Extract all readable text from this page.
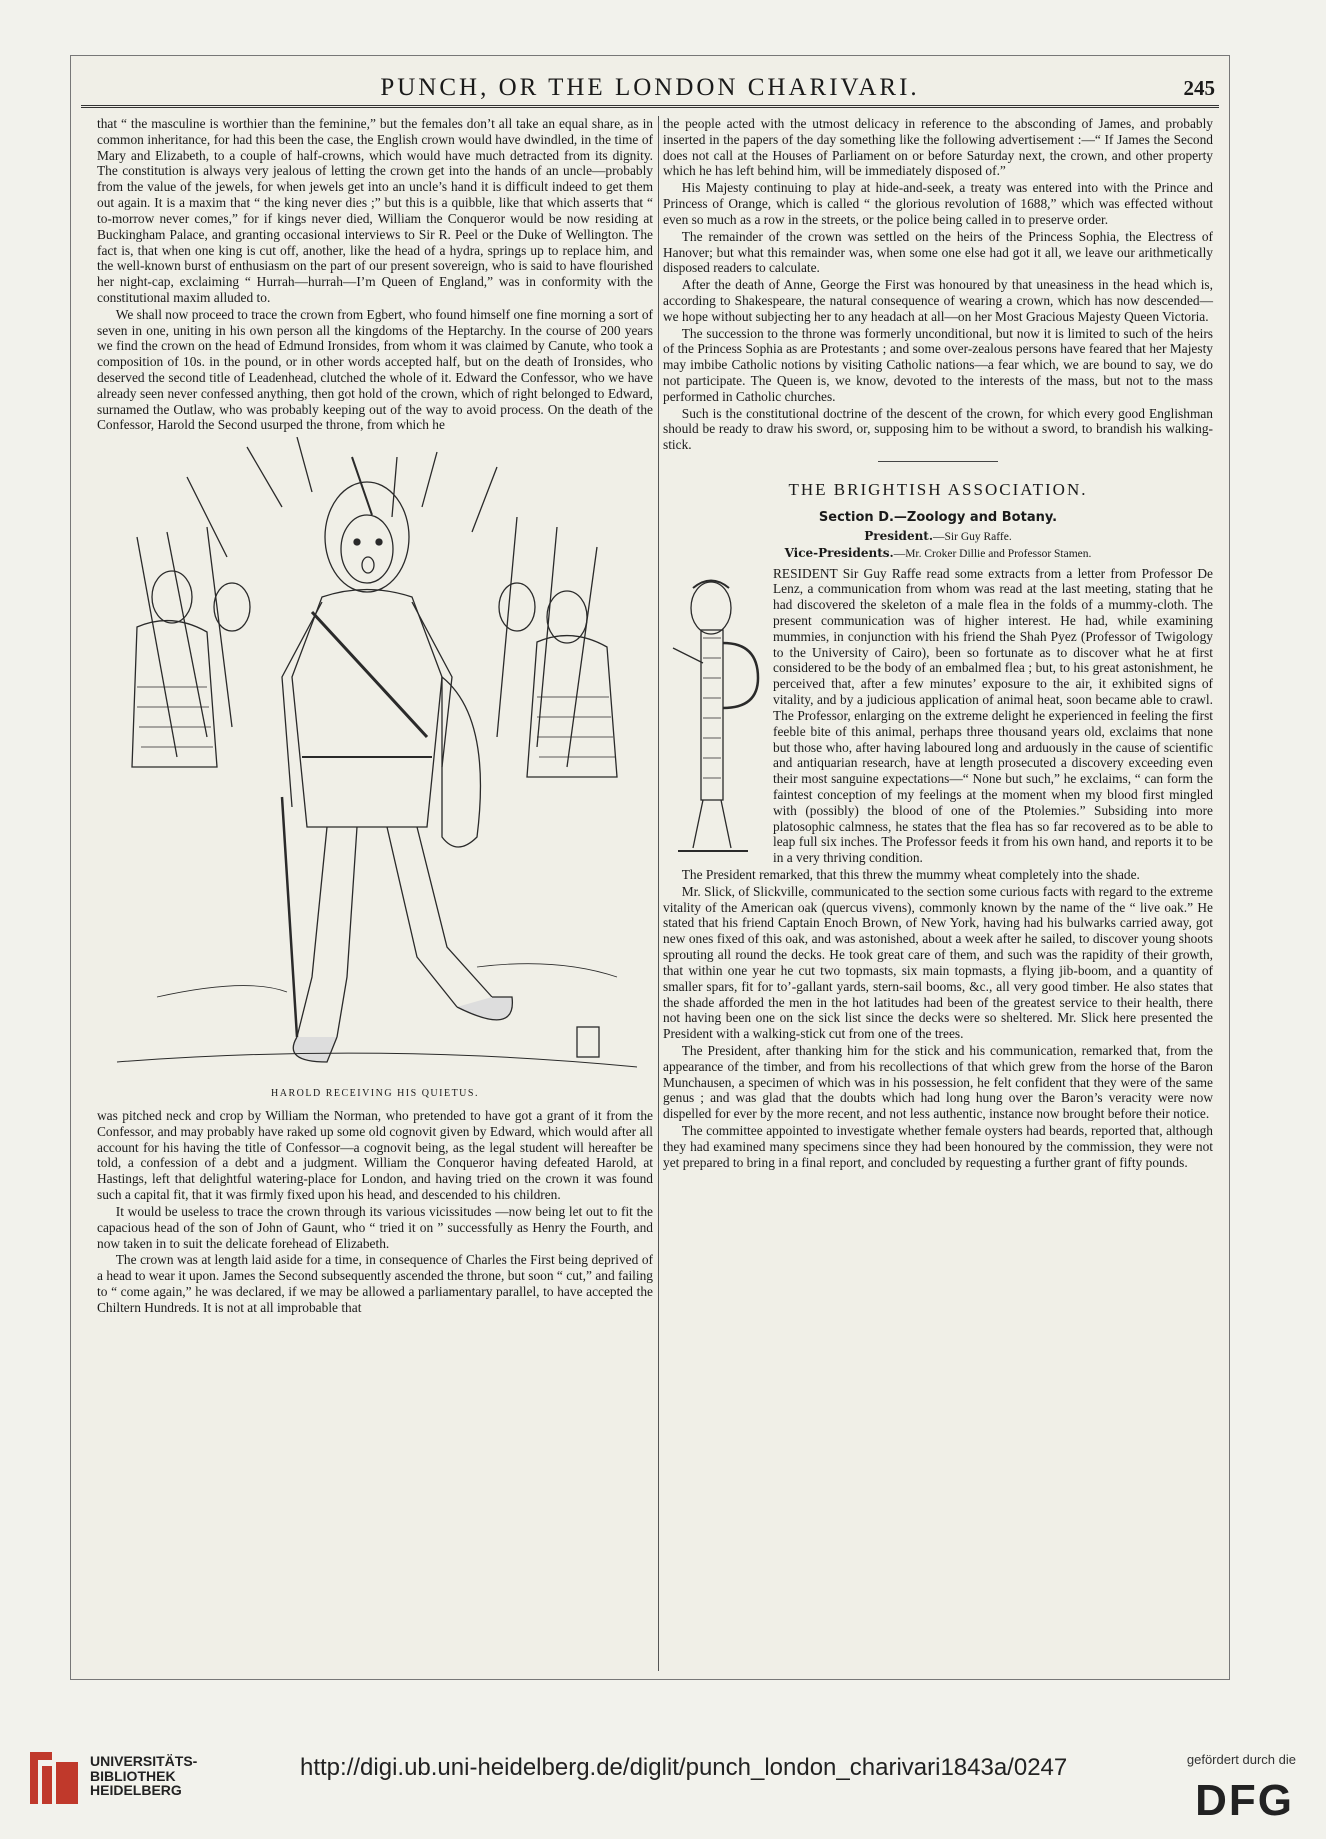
PUNCH, OR THE LONDON CHARIVARI.	245

that “ the masculine is worthier than the feminine,” but the females don’t all take an equal share, as in common inheritance, for had this been the case, the English crown would have dwindled, in the time of Mary and Elizabeth, to a couple of half-crowns, which would have much detracted from its dignity. The constitution is always very jealous of letting the crown get into the hands of an uncle—probably from the value of the jewels, for when jewels get into an uncle’s hand it is difficult indeed to get them out again. It is a maxim that “ the king never dies ;” but this is a quibble, like that which asserts that “ to-morrow never comes,” for if kings never died, William the Conqueror would be now residing at Buckingham Palace, and granting occasional interviews to Sir R. Peel or the Duke of Wellington. The fact is, that when one king is cut off, another, like the head of a hydra, springs up to replace him, and the well-known burst of enthusiasm on the part of our present sovereign, who is said to have flourished her night-cap, exclaiming “ Hurrah—hurrah—I’m Queen of England,” was in conformity with the constitutional maxim alluded to.

We shall now proceed to trace the crown from Egbert, who found himself one fine morning a sort of seven in one, uniting in his own person all the kingdoms of the Heptarchy. In the course of 200 years we find the crown on the head of Edmund Ironsides, from whom it was claimed by Canute, who took a composition of 10s. in the pound, or in other words accepted half, but on the death of Ironsides, who deserved the second title of Leadenhead, clutched the whole of it. Edward the Confessor, who we have already seen never confessed anything, then got hold of the crown, which of right belonged to Edward, surnamed the Outlaw, who was probably keeping out of the way to avoid process. On the death of the Confessor, Harold the Second usurped the throne, from which he

HAROLD RECEIVING HIS QUIETUS.

was pitched neck and crop by William the Norman, who pretended to have got a grant of it from the Confessor, and may probably have raked up some old cognovit given by Edward, which would after all account for his having the title of Confessor—a cognovit being, as the legal student will hereafter be told, a confession of a debt and a judgment. William the Conqueror having defeated Harold, at Hastings, left that delightful watering-place for London, and having tried on the crown it was found such a capital fit, that it was firmly fixed upon his head, and descended to his children.

It would be useless to trace the crown through its various vicissitudes —now being let out to fit the capacious head of the son of John of Gaunt, who “ tried it on ” successfully as Henry the Fourth, and now taken in to suit the delicate forehead of Elizabeth.

The crown was at length laid aside for a time, in consequence of Charles the First being deprived of a head to wear it upon. James the Second subsequently ascended the throne, but soon “ cut,” and failing to “ come again,” he was declared, if we may be allowed a parliamentary parallel, to have accepted the Chiltern Hundreds. It is not at all improbable that

the people acted with the utmost delicacy in reference to the absconding of James, and probably inserted in the papers of the day something like the following advertisement :—“ If James the Second does not call at the Houses of Parliament on or before Saturday next, the crown, and other property which he has left behind him, will be immediately disposed of.”

His Majesty continuing to play at hide-and-seek, a treaty was entered into with the Prince and Princess of Orange, which is called “ the glorious revolution of 1688,” which was effected without even so much as a row in the streets, or the police being called in to preserve order.

The remainder of the crown was settled on the heirs of the Princess Sophia, the Electress of Hanover; but what this remainder was, when some one else had got it all, we leave our arithmetically disposed readers to calculate.

After the death of Anne, George the First was honoured by that uneasiness in the head which is, according to Shakespeare, the natural consequence of wearing a crown, which has now descended—we hope without subjecting her to any headach at all—on her Most Gracious Majesty Queen Victoria.

The succession to the throne was formerly unconditional, but now it is limited to such of the heirs of the Princess Sophia as are Protestants ; and some over-zealous persons have feared that her Majesty may imbibe Catholic notions by visiting Catholic nations—a fear which, we are bound to say, we do not participate. The Queen is, we know, devoted to the interests of the mass, but not to the mass performed in Catholic churches.

Such is the constitutional doctrine of the descent of the crown, for which every good Englishman should be ready to draw his sword, or, supposing him to be without a sword, to brandish his walking-stick.

THE BRIGHTISH ASSOCIATION.
Section D.—Zoology and Botany.
President.—Sir Guy Raffe.
Vice-Presidents.—Mr. Croker Dillie and Professor Stamen.

RESIDENT Sir Guy Raffe read some extracts from a letter from Professor De Lenz, a communication from whom was read at the last meeting, stating that he had discovered the skeleton of a male flea in the folds of a mummy-cloth. The present communication was of higher interest. He had, while examining mummies, in conjunction with his friend the Shah Pyez (Professor of Twigology to the University of Cairo), been so fortunate as to discover what he at first considered to be the body of an embalmed flea ; but, to his great astonishment, he perceived that, after a few minutes’ exposure to the air, it exhibited signs of vitality, and by a judicious application of animal heat, soon became able to crawl. The Professor, enlarging on the extreme delight he experienced in feeling the first feeble bite of this animal, perhaps three thousand years old, exclaims that none but those who, after having laboured long and arduously in the cause of scientific and antiquarian research, have at length prosecuted a discovery exceeding even their most sanguine expectations—“ None but such,” he exclaims, “ can form the faintest conception of my feelings at the moment when my blood first mingled with (possibly) the blood of one of the Ptolemies.” Subsiding into more platosophic calmness, he states that the flea has so far recovered as to be able to leap full six inches. The Professor feeds it from his own hand, and reports it to be in a very thriving condition.

The President remarked, that this threw the mummy wheat completely into the shade.

Mr. Slick, of Slickville, communicated to the section some curious facts with regard to the extreme vitality of the American oak (quercus vivens), commonly known by the name of the “ live oak.” He stated that his friend Captain Enoch Brown, of New York, having had his bulwarks carried away, got new ones fixed of this oak, and was astonished, about a week after he sailed, to discover young shoots sprouting all round the decks. He took great care of them, and such was the rapidity of their growth, that within one year he cut two topmasts, six main topmasts, a flying jib-boom, and a quantity of smaller spars, fit for to’-gallant yards, stern-sail booms, &c., all very good timber. He also states that the shade afforded the men in the hot latitudes had been of the greatest service to their health, there not having been one on the sick list since the decks were so sheltered. Mr. Slick here presented the President with a walking-stick cut from one of the trees.

The President, after thanking him for the stick and his communication, remarked that, from the appearance of the timber, and from his recollections of that which grew from the horse of the Baron Munchausen, a specimen of which was in his possession, he felt confident that they were of the same genus ; and was glad that the doubts which had long hung over the Baron’s veracity were now dispelled for ever by the more recent, and not less authentic, instance now brought before their notice.

The committee appointed to investigate whether female oysters had beards, reported that, although they had examined many specimens since they had been honoured by the commission, they were not yet prepared to bring in a final report, and concluded by requesting a further grant of fifty pounds.

UNIVERSITÄTS-
BIBLIOTHEK
HEIDELBERG
http://digi.ub.uni-heidelberg.de/diglit/punch_london_charivari1843a/0247	gefördert durch die
DFG
